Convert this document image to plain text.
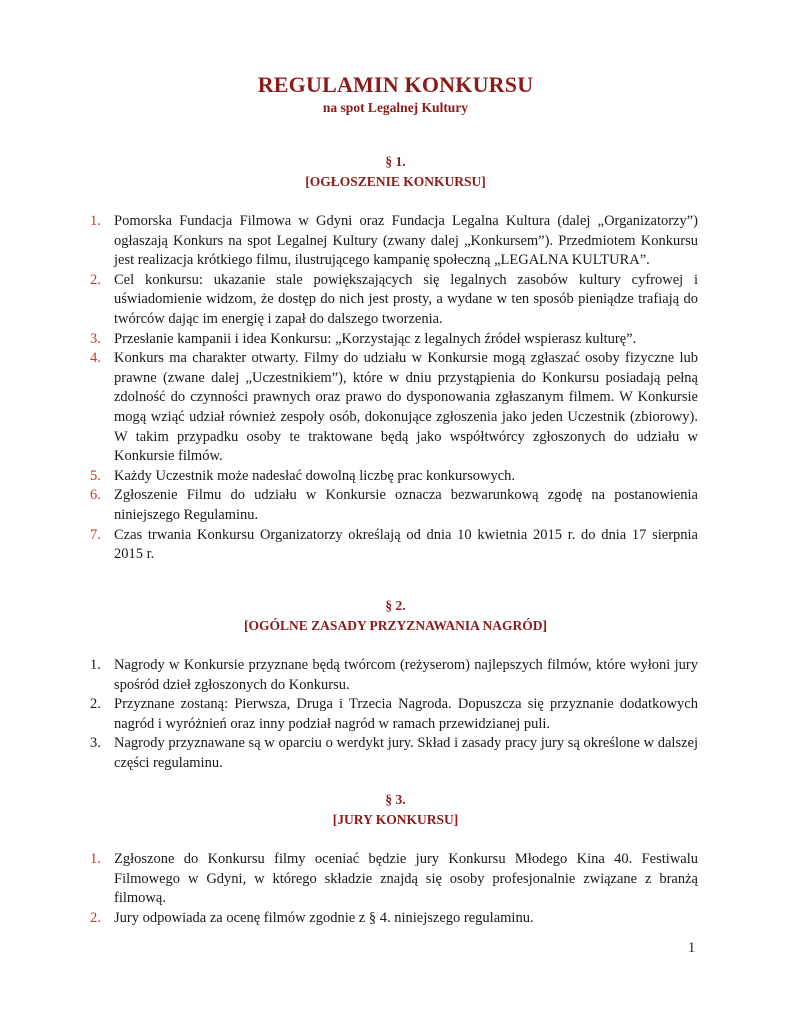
REGULAMIN KONKURSU
na spot Legalnej Kultury
§ 1.
[OGŁOSZENIE KONKURSU]
1. Pomorska Fundacja Filmowa w Gdyni oraz Fundacja Legalna Kultura (dalej „Organizatorzy”) ogłaszają Konkurs na spot Legalnej Kultury (zwany dalej „Konkursem”). Przedmiotem Konkursu jest realizacja krótkiego filmu, ilustrującego kampanię społeczną „LEGALNA KULTURA”.
2. Cel konkursu: ukazanie stale powiększających się legalnych zasobów kultury cyfrowej i uświadomienie widzom, że dostęp do nich jest prosty, a wydane w ten sposób pieniądze trafiają do twórców dając im energię i zapał do dalszego tworzenia.
3. Przesłanie kampanii i idea Konkursu: „Korzystając z legalnych źródeł wspierasz kulturę”.
4. Konkurs ma charakter otwarty. Filmy do udziału w Konkursie mogą zgłaszać osoby fizyczne lub prawne (zwane dalej „Uczestnikiem”), które w dniu przystąpienia do Konkursu posiadają pełną zdolność do czynności prawnych oraz prawo do dysponowania zgłaszanym filmem. W Konkursie mogą wziąć udział również zespoły osób, dokonujące zgłoszenia jako jeden Uczestnik (zbiorowy). W takim przypadku osoby te traktowane będą jako współtwórcy zgłoszonych do udziału w Konkursie filmów.
5. Każdy Uczestnik może nadesłać dowolną liczbę prac konkursowych.
6. Zgłoszenie Filmu do udziału w Konkursie oznacza bezwarunkową zgodę na postanowienia niniejszego Regulaminu.
7. Czas trwania Konkursu Organizatorzy określają od dnia 10 kwietnia 2015 r. do dnia 17 sierpnia 2015 r.
§ 2.
[OGÓLNE ZASADY PRZYZNAWANIA NAGRÓD]
1. Nagrody w Konkursie przyznane będą twórcom (reżyserom) najlepszych filmów, które wyłoni jury spośród dzieł zgłoszonych do Konkursu.
2. Przyznane zostaną: Pierwsza, Druga i Trzecia Nagroda. Dopuszcza się przyznanie dodatkowych nagród i wyróżnień oraz inny podział nagród w ramach przewidzianej puli.
3. Nagrody przyznawane są w oparciu o werdykt jury. Skład i zasady pracy jury są określone w dalszej części regulaminu.
§ 3.
[JURY KONKURSU]
1. Zgłoszone do Konkursu filmy oceniać będzie jury Konkursu Młodego Kina 40. Festiwalu Filmowego w Gdyni, w którego składzie znajdą się osoby profesjonalnie związane z branżą filmową.
2. Jury odpowiada za ocenę filmów zgodnie z § 4. niniejszego regulaminu.
1
